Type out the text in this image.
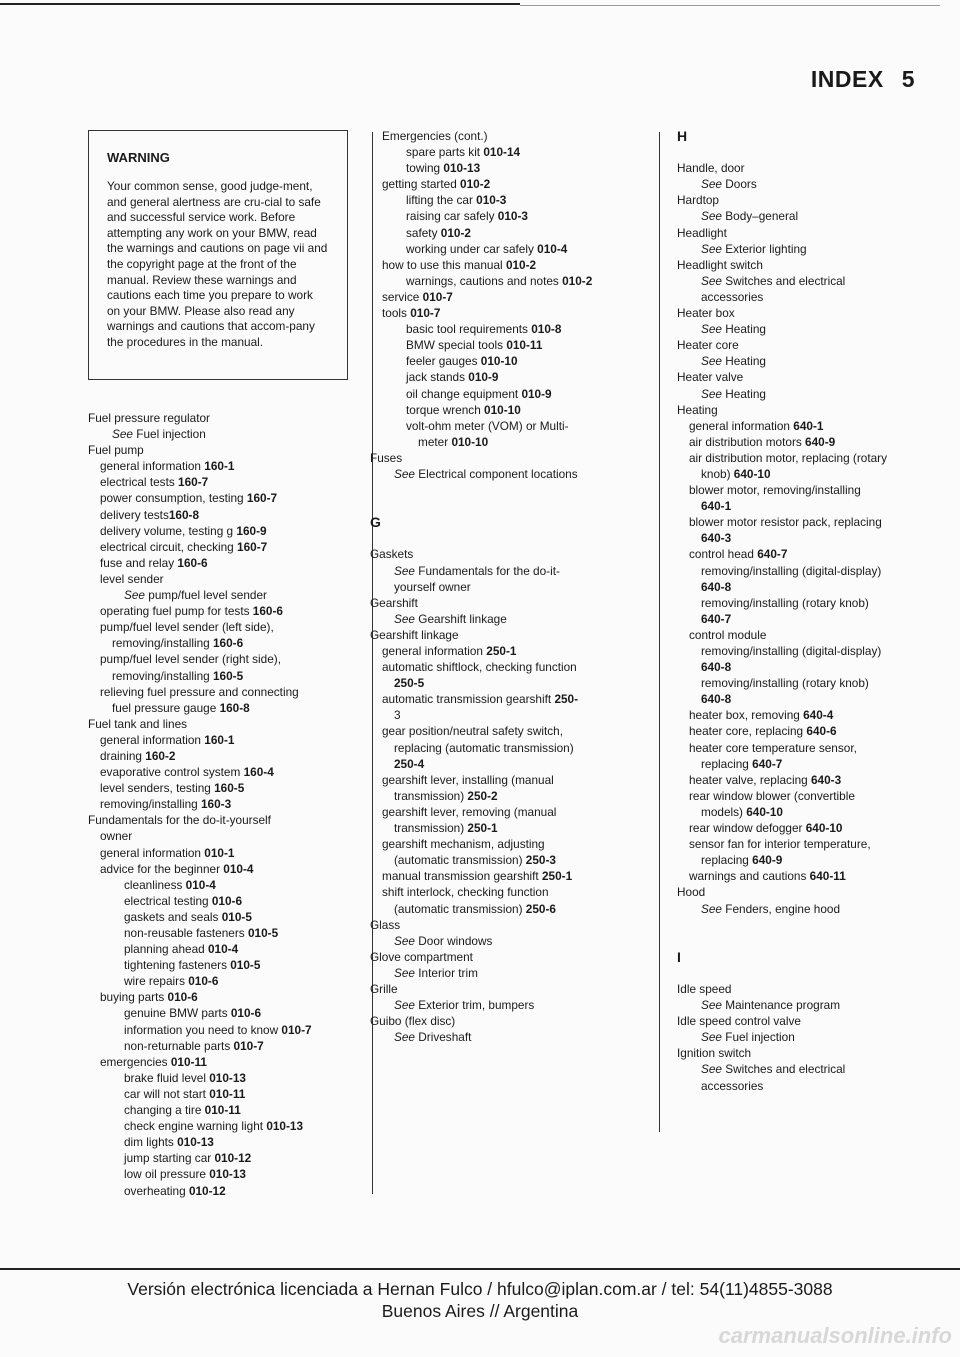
INDEX 5
WARNING
Your common sense, good judge-ment, and general alertness are cru-cial to safe and successful service work. Before attempting any work on your BMW, read the warnings and cautions on page vii and the copyright page at the front of the manual. Review these warnings and cautions each time you prepare to work on your BMW. Please also read any warnings and cautions that accom-pany the procedures in the manual.
Fuel pressure regulator
See Fuel injection
Fuel pump
general information 160-1
electrical tests 160-7
power consumption, testing 160-7
delivery tests160-8
delivery volume, testing g 160-9
electrical circuit, checking 160-7
fuse and relay 160-6
level sender
See pump/fuel level sender
operating fuel pump for tests 160-6
pump/fuel level sender (left side),
removing/installing 160-6
pump/fuel level sender (right side),
removing/installing 160-5
relieving fuel pressure and connecting
fuel pressure gauge 160-8
Fuel tank and lines
general information 160-1
draining 160-2
evaporative control system 160-4
level senders, testing 160-5
removing/installing 160-3
Fundamentals for the do-it-yourself
owner
general information 010-1
advice for the beginner 010-4
cleanliness 010-4
electrical testing 010-6
gaskets and seals 010-5
non-reusable fasteners 010-5
planning ahead 010-4
tightening fasteners 010-5
wire repairs 010-6
buying parts 010-6
genuine BMW parts 010-6
information you need to know 010-7
non-returnable parts 010-7
emergencies 010-11
brake fluid level 010-13
car will not start 010-11
changing a tire 010-11
check engine warning light 010-13
dim lights 010-13
jump starting car 010-12
low oil pressure 010-13
overheating 010-12
Emergencies (cont.)
spare parts kit 010-14
towing 010-13
getting started 010-2
lifting the car 010-3
raising car safely 010-3
safety 010-2
working under car safely 010-4
how to use this manual 010-2
warnings, cautions and notes 010-2
service 010-7
tools 010-7
basic tool requirements 010-8
BMW special tools 010-11
feeler gauges 010-10
jack stands 010-9
oil change equipment 010-9
torque wrench 010-10
volt-ohm meter (VOM) or Multi-
meter 010-10
Fuses
See Electrical component locations

G

Gaskets
See Fundamentals for the do-it-
yourself owner
Gearshift
See Gearshift linkage
Gearshift linkage
general information 250-1
automatic shiftlock, checking function
250-5
automatic transmission gearshift 250-
3
gear position/neutral safety switch,
replacing (automatic transmission)
250-4
gearshift lever, installing (manual
transmission) 250-2
gearshift lever, removing (manual
transmission) 250-1
gearshift mechanism, adjusting
(automatic transmission) 250-3
manual transmission gearshift 250-1
shift interlock, checking function
(automatic transmission) 250-6
Glass
See Door windows
Glove compartment
See Interior trim
Grille
See Exterior trim, bumpers
Guibo (flex disc)
See Driveshaft
H

Handle, door
See Doors
Hardtop
See Body–general
Headlight
See Exterior lighting
Headlight switch
See Switches and electrical
accessories
Heater box
See Heating
Heater core
See Heating
Heater valve
See Heating
Heating
general information 640-1
air distribution motors 640-9
air distribution motor, replacing (rotary
knob) 640-10
blower motor, removing/installing
640-1
blower motor resistor pack, replacing
640-3
control head 640-7
removing/installing (digital-display)
640-8
removing/installing (rotary knob)
640-7
control module
removing/installing (digital-display)
640-8
removing/installing (rotary knob)
640-8
heater box, removing 640-4
heater core, replacing 640-6
heater core temperature sensor,
replacing 640-7
heater valve, replacing 640-3
rear window blower (convertible
models) 640-10
rear window defogger 640-10
sensor fan for interior temperature,
replacing 640-9
warnings and cautions 640-11
Hood
See Fenders, engine hood

I

Idle speed
See Maintenance program
Idle speed control valve
See Fuel injection
Ignition switch
See Switches and electrical
accessories
Versión electrónica licenciada a Hernan Fulco / hfulco@iplan.com.ar / tel: 54(11)4855-3088
Buenos Aires // Argentina
carmanualsonline.info
